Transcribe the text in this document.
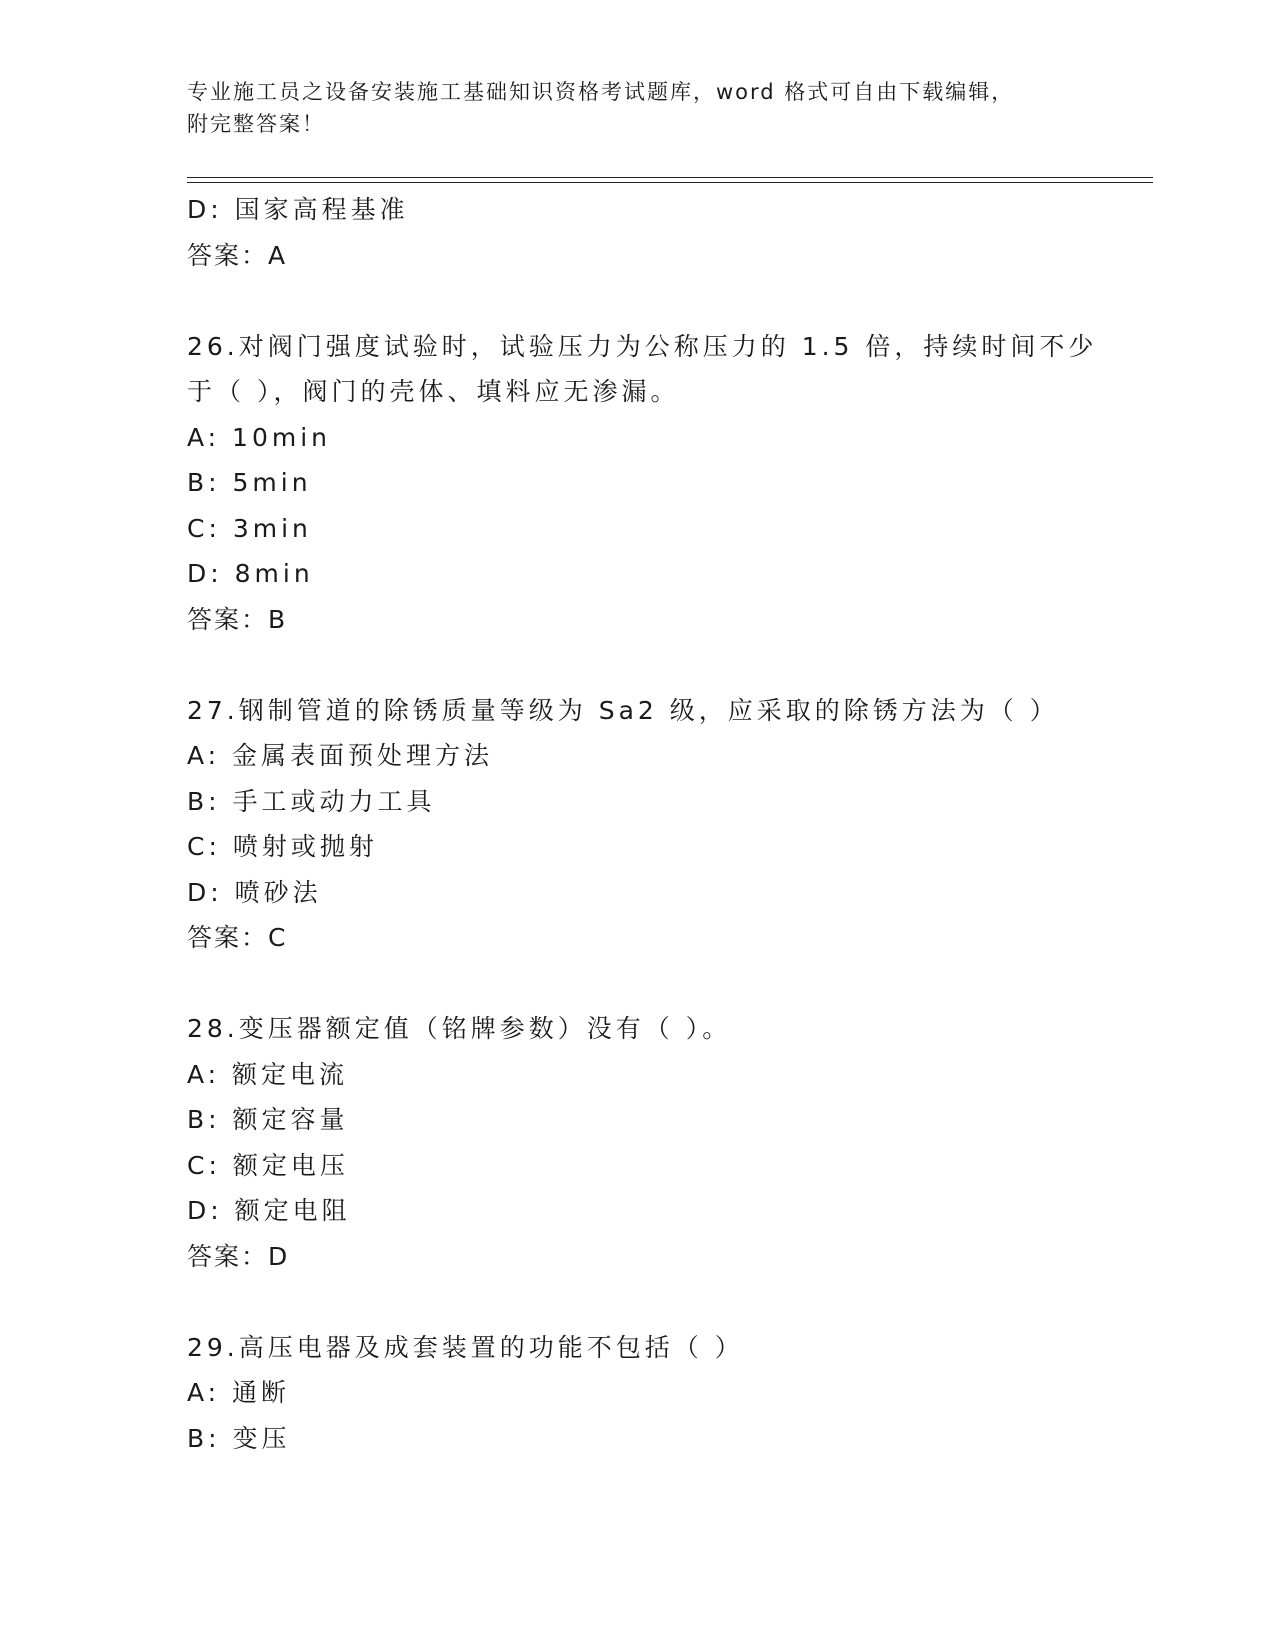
专业施工员之设备安装施工基础知识资格考试题库，word 格式可自由下载编辑，
附完整答案！
D: 国家高程基准
答案：A
26.对阀门强度试验时，试验压力为公称压力的 1.5 倍，持续时间不少
于（ ），阀门的壳体、填料应无渗漏。
A: 10min
B: 5min
C: 3min
D: 8min
答案：B
27.钢制管道的除锈质量等级为 Sa2 级，应采取的除锈方法为（ ）
A: 金属表面预处理方法
B: 手工或动力工具
C: 喷射或抛射
D: 喷砂法
答案：C
28.变压器额定值（铭牌参数）没有（ ）。
A: 额定电流
B: 额定容量
C: 额定电压
D: 额定电阻
答案：D
29.高压电器及成套装置的功能不包括（ ）
A: 通断
B: 变压
